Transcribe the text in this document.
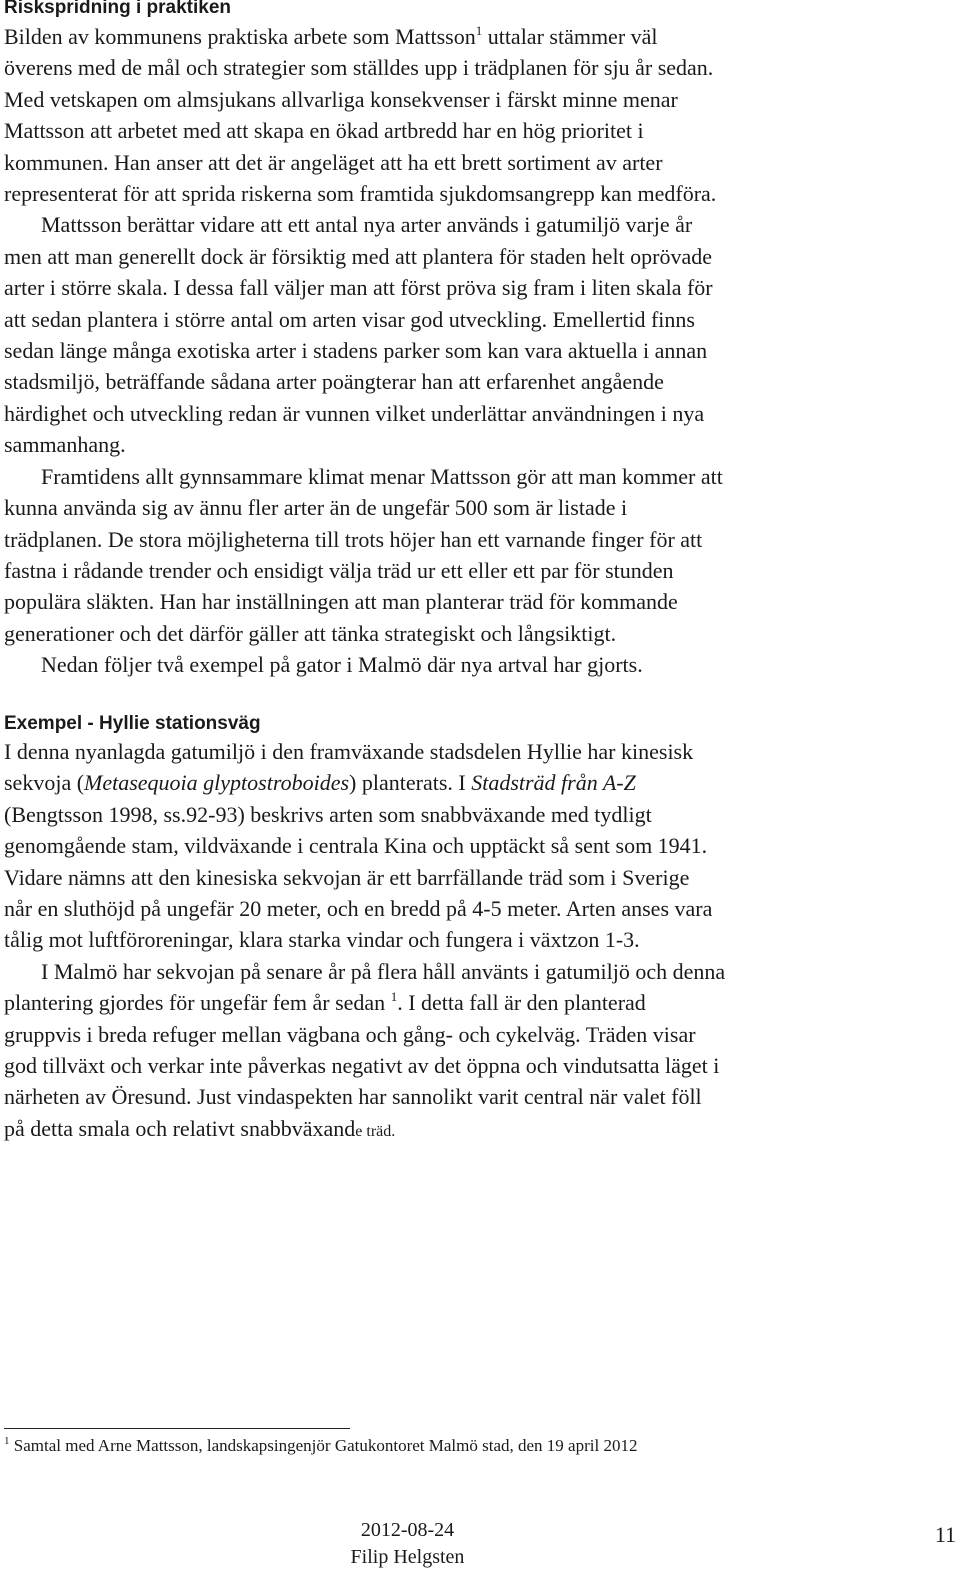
Riskspridning i praktiken

Bilden av kommunens praktiska arbete som Mattsson$^1$ uttalar stämmer väl
överens med de mål och strategier som ställdes upp i trädplanen för sju år sedan.
Med vetskapen om almsjukans allvarliga konsekvenser i färskt minne menar
Mattsson att arbetet med att skapa en ökad artbredd har en hög prioritet i
kommunen. Han anser att det är angeläget att ha ett brett sortiment av arter
representerat för att sprida riskerna som framtida sjukdomsangrepp kan medföra.

Mattsson berättar vidare att ett antal nya arter används i gatumiljö varje år
men att man generellt dock är försiktig med att plantera för staden helt oprövade
arter i större skala. I dessa fall väljer man att först pröva sig fram i liten skala för
att sedan plantera i större antal om arten visar god utveckling. Emellertid finns
sedan länge många exotiska arter i stadens parker som kan vara aktuella i annan
stadsmiljö, beträffande sådana arter poängterar han att erfarenhet angående
härdighet och utveckling redan är vunnen vilket underlättar användningen i nya
sammanhang.

Framtidens allt gynnsammare klimat menar Mattsson gör att man kommer att
kunna använda sig av ännu fler arter än de ungefär 500 som är listade i
trädplanen. De stora möjligheterna till trots höjer han ett varnande finger för att
fastna i rådande trender och ensidigt välja träd ur ett eller ett par för stunden
populära släkten. Han har inställningen att man planterar träd för kommande
generationer och det därför gäller att tänka strategiskt och långsiktigt.

Nedan följer två exempel på gator i Malmö där nya artval har gjorts.

Exempel - Hyllie stationsväg

I denna nyanlagda gatumiljö i den framväxande stadsdelen Hyllie har kinesisk
sekvoja (Metasequoia glyptostroboides) planterats. I Stadsträd från A-Z
(Bengtsson 1998, ss.92-93) beskrivs arten som snabbväxande med tydligt
genomgående stam, vildväxande i centrala Kina och upptäckt så sent som 1941.
Vidare nämns att den kinesiska sekvojan är ett barrfällande träd som i Sverige
når en sluthöjd på ungefär 20 meter, och en bredd på 4-5 meter. Arten anses vara
tålig mot luftföroreningar, klara starka vindar och fungera i växtzon 1-3.

I Malmö har sekvojan på senare år på flera håll använts i gatumiljö och denna
plantering gjordes för ungefär fem år sedan $^1$. I detta fall är den planterad
gruppvis i breda refuger mellan vägbana och gång- och cykelväg. Träden visar
god tillväxt och verkar inte påverkas negativt av det öppna och vindutsatta läget i
närheten av Öresund. Just vindaspekten har sannolikt varit central när valet föll
på detta smala och relativt snabbväxande träd.

$^1$ Samtal med Arne Mattsson, landskapsingenjör Gatukontoret Malmö stad, den 19 april 2012

2012-08-24

Filip Helgsten

11
